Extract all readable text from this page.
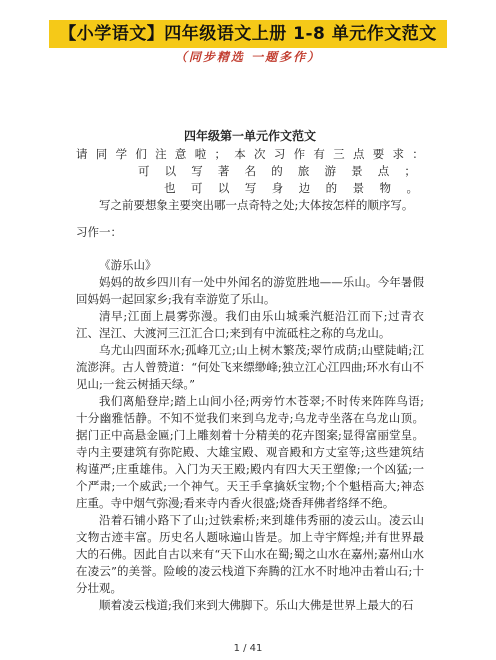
【小学语文】四年级语文上册 1-8 单元作文范文
（同步精选 一题多作）
四年级第一单元作文范文
请 同 学 们 注 意 啦 ； 本 次 习 作 有 三 点 要 求 ：
可 以 写 著 名 的 旅 游 景 点 ；
也 可 以 写 身 边 的 景 物 。

写之前要想象主要突出哪一点奇特之处;大体按怎样的顺序写。

习作一：

《游乐山》

妈妈的故乡四川有一处中外闻名的游览胜地——乐山。今年暑假回妈妈一起回家乡;我有幸游览了乐山。

清早;江面上晨雾弥漫。我们由乐山城乘汽艇沿江而下;过青衣江、涅江、大渡河三江汇合口;来到有中流砥柱之称的乌龙山。

乌尤山四面环水;孤峰兀立;山上树木繁茂;翠竹成荫;山壁陡峭;江流澎湃。古人曾赞道：“何处飞来缥缈峰;独立江心江四曲;环水有山不见山;一瓮云树插天绿。”

我们离船登岸;踏上山间小径;两旁竹木苍翠;不时传来阵阵鸟语;十分幽雅恬静。不知不觉我们来到乌龙寺;乌龙寺坐落在乌龙山顶。据门正中高悬金匾;门上雕刻着十分精美的花卉图案;显得富丽堂皇。寺内主要建筑有弥陀殿、大雄宝殿、观音殿和方丈室等;这些建筑结构谨严;庄重雄伟。入门为天王殿;殿内有四大天王塑像;一个凶猛;一个严肃;一个威武;一个神气。天王手拿擒妖宝物;个个魁梧高大;神态庄重。寺中烟气弥漫;看来寺内香火很盛;烧香拜佛者络绎不绝。

沿着石铺小路下了山;过铁索桥;来到雄伟秀丽的凌云山。凌云山文物古迹丰富。历史名人题咏遍山皆是。加上寺宇辉煌;并有世界最大的石佛。因此自古以来有“天下山水在蜀;蜀之山水在嘉州;嘉州山水在凌云”的美誉。险峻的凌云栈道下奔腾的江水不时地冲击着山石;十分壮观。

顺着凌云栈道;我们来到大佛脚下。乐山大佛是世界上最大的石

1 / 41
